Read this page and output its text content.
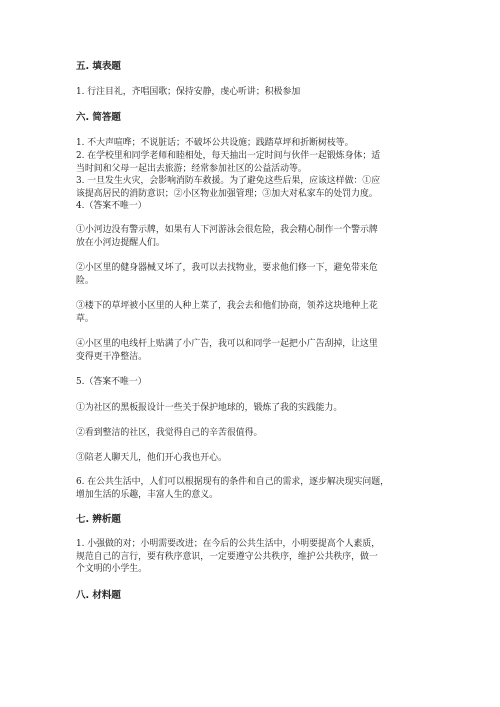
五. 填表题
1. 行注目礼，齐唱国歌；保持安静，虔心听讲；积极参加
六. 简答题
1. 不大声喧哗；不说脏话；不破坏公共设施；践踏草坪和折断树枝等。
2. 在学校里和同学老师和睦相处，每天抽出一定时间与伙伴一起锻炼身体；适
当时间和父母一起出去旅游；经常参加社区的公益活动等。
3. 一旦发生火灾，会影响消防车救援。为了避免这些后果，应该这样做：①应
该提高居民的消防意识；②小区物业加强管理；③加大对私家车的处罚力度。
4.（答案不唯一）
①小河边没有警示牌，如果有人下河游泳会很危险，我会精心制作一个警示牌
放在小河边提醒人们。
②小区里的健身器械又坏了，我可以去找物业，要求他们修一下，避免带来危
险。
③楼下的草坪被小区里的人种上菜了，我会去和他们协商，领养这块地种上花
草。
④小区里的电线杆上贴满了小广告，我可以和同学一起把小广告刮掉，让这里
变得更干净整洁。
5.（答案不唯一）
①为社区的黑板报设计一些关于保护地球的，锻炼了我的实践能力。
②看到整洁的社区，我觉得自己的辛苦很值得。
③陪老人聊天儿，他们开心我也开心。
6. 在公共生活中，人们可以根据现有的条件和自己的需求，逐步解决现实问题，
增加生活的乐趣，丰富人生的意义。
七. 辨析题
1. 小强做的对；小明需要改进；在今后的公共生活中，小明要提高个人素质，
规范自己的言行，要有秩序意识，一定要遵守公共秩序，维护公共秩序，做一
个文明的小学生。
八. 材料题
